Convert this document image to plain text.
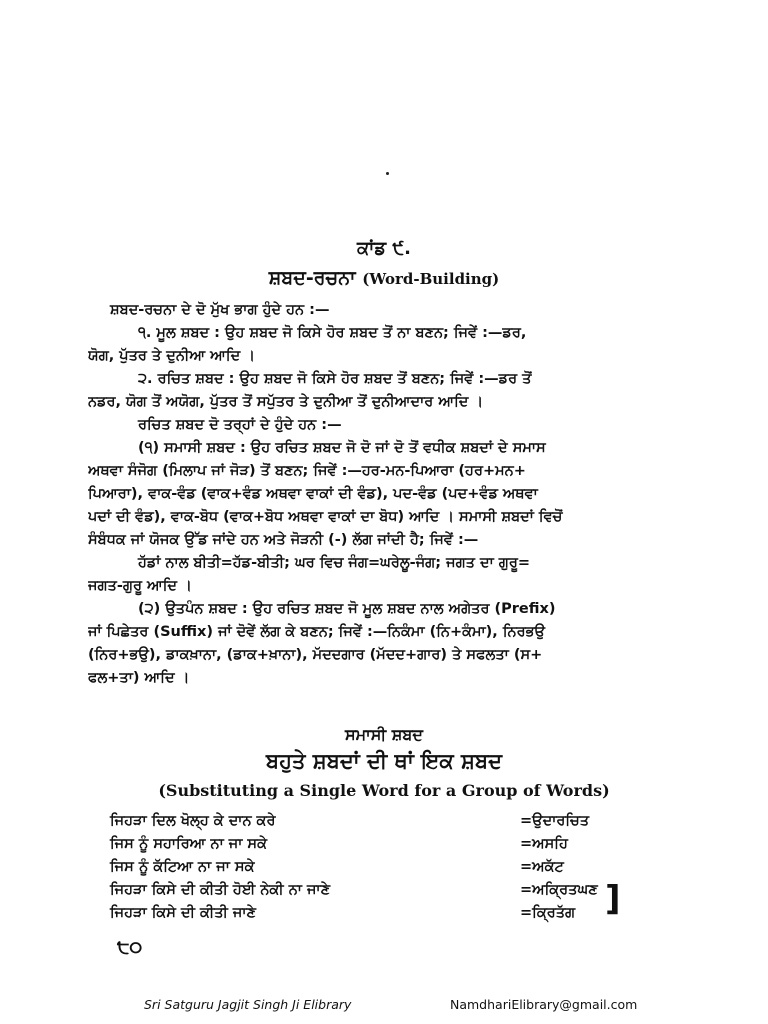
ਕਾਂਡ ੯.
ਸ਼ਬਦ-ਰਚਨਾ (Word-Building)

ਸ਼ਬਦ-ਰਚਨਾ ਦੇ ਦੋ ਮੁੱਖ ਭਾਗ ਹੁੰਦੇ ਹਨ :—

੧. ਮੂਲ ਸ਼ਬਦ : ਉਹ ਸ਼ਬਦ ਜੋ ਕਿਸੇ ਹੋਰ ਸ਼ਬਦ ਤੋਂ ਨਾ ਬਣਨ; ਜਿਵੇਂ :—ਡਰ,

ਯੋਗ, ਪੁੱਤਰ ਤੇ ਦੁਨੀਆ ਆਦਿ ।

੨. ਰਚਿਤ ਸ਼ਬਦ : ਉਹ ਸ਼ਬਦ ਜੋ ਕਿਸੇ ਹੋਰ ਸ਼ਬਦ ਤੋਂ ਬਣਨ; ਜਿਵੇਂ :—ਡਰ ਤੋਂ

ਨਡਰ, ਯੋਗ ਤੋਂ ਅਯੋਗ, ਪੁੱਤਰ ਤੋਂ ਸਪੁੱਤਰ ਤੇ ਦੁਨੀਆ ਤੋਂ ਦੁਨੀਆਦਾਰ ਆਦਿ ।

ਰਚਿਤ ਸ਼ਬਦ ਦੋ ਤਰ੍ਹਾਂ ਦੇ ਹੁੰਦੇ ਹਨ :—

(੧) ਸਮਾਸੀ ਸ਼ਬਦ : ਉਹ ਰਚਿਤ ਸ਼ਬਦ ਜੋ ਦੋ ਜਾਂ ਦੋ ਤੋਂ ਵਧੀਕ ਸ਼ਬਦਾਂ ਦੇ ਸਮਾਸ

ਅਥਵਾ ਸੰਜੋਗ (ਮਿਲਾਪ ਜਾਂ ਜੋੜ) ਤੋਂ ਬਣਨ; ਜਿਵੇਂ :—ਹਰ-ਮਨ-ਪਿਆਰਾ (ਹਰ+ਮਨ+

ਪਿਆਰਾ), ਵਾਕ-ਵੰਡ (ਵਾਕ+ਵੰਡ ਅਥਵਾ ਵਾਕਾਂ ਦੀ ਵੰਡ), ਪਦ-ਵੰਡ (ਪਦ+ਵੰਡ ਅਥਵਾ

ਪਦਾਂ ਦੀ ਵੰਡ), ਵਾਕ-ਬੋਧ (ਵਾਕ+ਬੋਧ ਅਥਵਾ ਵਾਕਾਂ ਦਾ ਬੋਧ) ਆਦਿ । ਸਮਾਸੀ ਸ਼ਬਦਾਂ ਵਿਚੋਂ

ਸੰਬੰਧਕ ਜਾਂ ਯੋਜਕ ਉੱਡ ਜਾਂਦੇ ਹਨ ਅਤੇ ਜੋੜਨੀ (-) ਲੱਗ ਜਾਂਦੀ ਹੈ; ਜਿਵੇਂ :—

ਹੱਡਾਂ ਨਾਲ ਬੀਤੀ=ਹੱਡ-ਬੀਤੀ; ਘਰ ਵਿਚ ਜੰਗ=ਘਰੇਲੂ-ਜੰਗ; ਜਗਤ ਦਾ ਗੁਰੂ=

ਜਗਤ-ਗੁਰੂ ਆਦਿ ।

(੨) ਉਤਪੰਨ ਸ਼ਬਦ : ਉਹ ਰਚਿਤ ਸ਼ਬਦ ਜੋ ਮੂਲ ਸ਼ਬਦ ਨਾਲ ਅਗੇਤਰ (Prefix)

ਜਾਂ ਪਿਛੇਤਰ (Suffix) ਜਾਂ ਦੋਵੇਂ ਲੱਗ ਕੇ ਬਣਨ; ਜਿਵੇਂ :—ਨਿਕੰਮਾ (ਨਿ+ਕੰਮਾ), ਨਿਰਭਉ

(ਨਿਰ+ਭਉ), ਡਾਕਖ਼ਾਨਾ, (ਡਾਕ+ਖ਼ਾਨਾ), ਮੱਦਦਗਾਰ (ਮੱਦਦ+ਗਾਰ) ਤੇ ਸਫਲਤਾ (ਸ+

ਫਲ+ਤਾ) ਆਦਿ ।

ਸਮਾਸੀ ਸ਼ਬਦ
ਬਹੁਤੇ ਸ਼ਬਦਾਂ ਦੀ ਥਾਂ ਇਕ ਸ਼ਬਦ
(Substituting a Single Word for a Group of Words)
ਜਿਹੜਾ ਦਿਲ ਖੋਲ੍ਹ ਕੇ ਦਾਨ ਕਰੇ	=ਉਦਾਰਚਿਤ
ਜਿਸ ਨੂੰ ਸਹਾਰਿਆ ਨਾ ਜਾ ਸਕੇ	=ਅਸਹਿ
ਜਿਸ ਨੂੰ ਕੱਟਿਆ ਨਾ ਜਾ ਸਕੇ	=ਅਕੱਟ
ਜਿਹੜਾ ਕਿਸੇ ਦੀ ਕੀਤੀ ਹੋਈ ਨੇਕੀ ਨਾ ਜਾਣੇ	=ਅਕ੍ਰਿਤਘਣ
ਜਿਹੜਾ ਕਿਸੇ ਦੀ ਕੀਤੀ ਜਾਣੇ	=ਕ੍ਰਿਤੱਗ ]
੮੦
Sri Satguru Jagjit Singh Ji Elibrary	NamdhariElibrary@gmail.com
